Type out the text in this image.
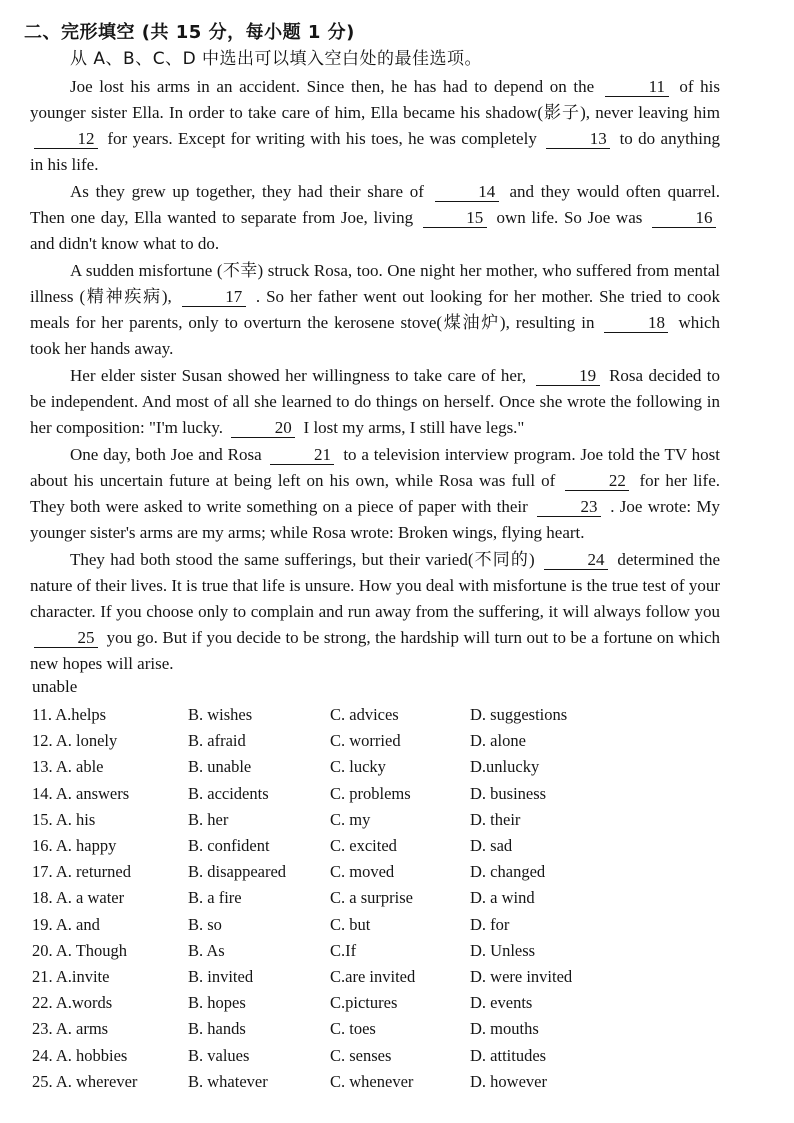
二、完形填空 (共 15 分，每小题 1 分)
从 A、B、C、D 中选出可以填入空白处的最佳选项。

Joe lost his arms in an accident. Since then, he has had to depend on the	11 of his younger sister Ella. In order to take care of him, Ella became his shadow(影子), never leaving him 12 for years. Except for writing with his toes, he was completely	13 to do anything in his life.

As they grew up together, they had their share of	14 and they would often quarrel. Then one day, Ella wanted to separate from Joe, living	15 own life. So Joe was	16 and didn't know what to do.

A sudden misfortune (不幸) struck Rosa, too. One night her mother, who suffered from mental illness (精神疾病),	17 . So her father went out looking for her mother. She tried to cook meals for her parents, only to overturn the kerosene stove(煤油炉), resulting in	18 which took her hands away.

Her elder sister Susan showed her willingness to take care of her,	19 Rosa decided to be independent. And most of all she learned to do things on herself. Once she wrote the following in her composition: "I'm lucky.	20 I lost my arms, I still have legs."

One day, both Joe and Rosa	21 to a television interview program. Joe told the TV host about his uncertain future at being left on his own, while Rosa was full of	22 for her life. They both were asked to write something on a piece of paper with their	23 . Joe wrote: My younger sister's arms are my arms; while Rosa wrote: Broken wings, flying heart.

They had both stood the same sufferings, but their varied(不同的)	24 determined the nature of their lives. It is true that life is unsure. How you deal with misfortune is the true test of your character. If you choose only to complain and run away from the suffering, it will always follow you 25 you go. But if you decide to be strong, the hardship will turn out to be a fortune on which new hopes will arise.

unable
11. A.helps	B. wishes	C. advices	D. suggestions
12. A. lonely	B. afraid	C. worried	D. alone
13. A. able	B. unable	C. lucky	D.unlucky
14. A. answers	B. accidents	C. problems	D. business
15. A. his	B. her	C. my	D. their
16. A. happy	B. confident	C. excited	D. sad
17. A. returned	B. disappeared	C. moved	D. changed
18. A. a water	B. a fire	C. a surprise	D. a wind
19. A. and	B. so	C. but	D. for
20. A. Though	B. As	C.If	D. Unless
21. A.invite	B. invited	C.are invited	D. were invited
22. A.words	B. hopes	C.pictures	D. events
23. A. arms	B. hands	C. toes	D. mouths
24. A. hobbies	B. values	C. senses	D. attitudes
25. A. wherever	B. whatever	C. whenever	D. however
